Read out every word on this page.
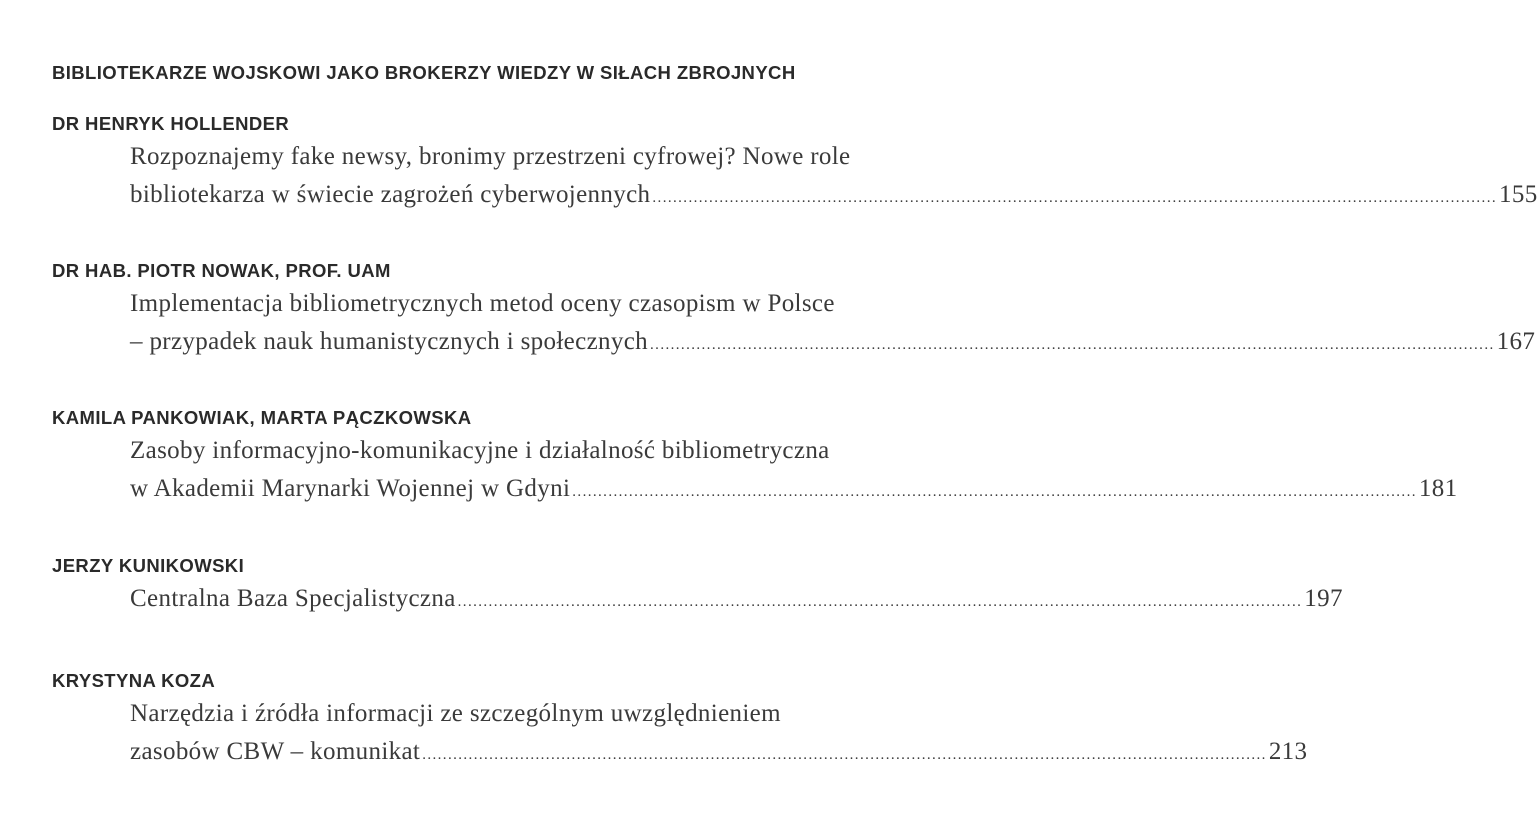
BIBLIOTEKARZE WOJSKOWI JAKO BROKERZY WIEDZY W SIŁACH ZBROJNYCH
DR HENRYK HOLLENDER
Rozpoznajemy fake newsy, bronimy przestrzeni cyfrowej? Nowe role
bibliotekarza w świecie zagrożeń cyberwojennych .................................................................................................................................................................... 155
DR HAB. PIOTR NOWAK, PROF. UAM
Implementacja bibliometrycznych metod oceny czasopism w Polsce
– przypadek nauk humanistycznych i społecznych .................................................................................................................................................................... 167
KAMILA PANKOWIAK, MARTA PĄCZKOWSKA
Zasoby informacyjno-komunikacyjne i działalność bibliometryczna
w Akademii Marynarki Wojennej w Gdyni .................................................................................................................................................................... 181
JERZY KUNIKOWSKI
Centralna Baza Specjalistyczna .................................................................................................................................................................... 197
KRYSTYNA KOZA
Narzędzia i źródła informacji ze szczególnym uwzględnieniem
zasobów CBW – komunikat .................................................................................................................................................................... 213
